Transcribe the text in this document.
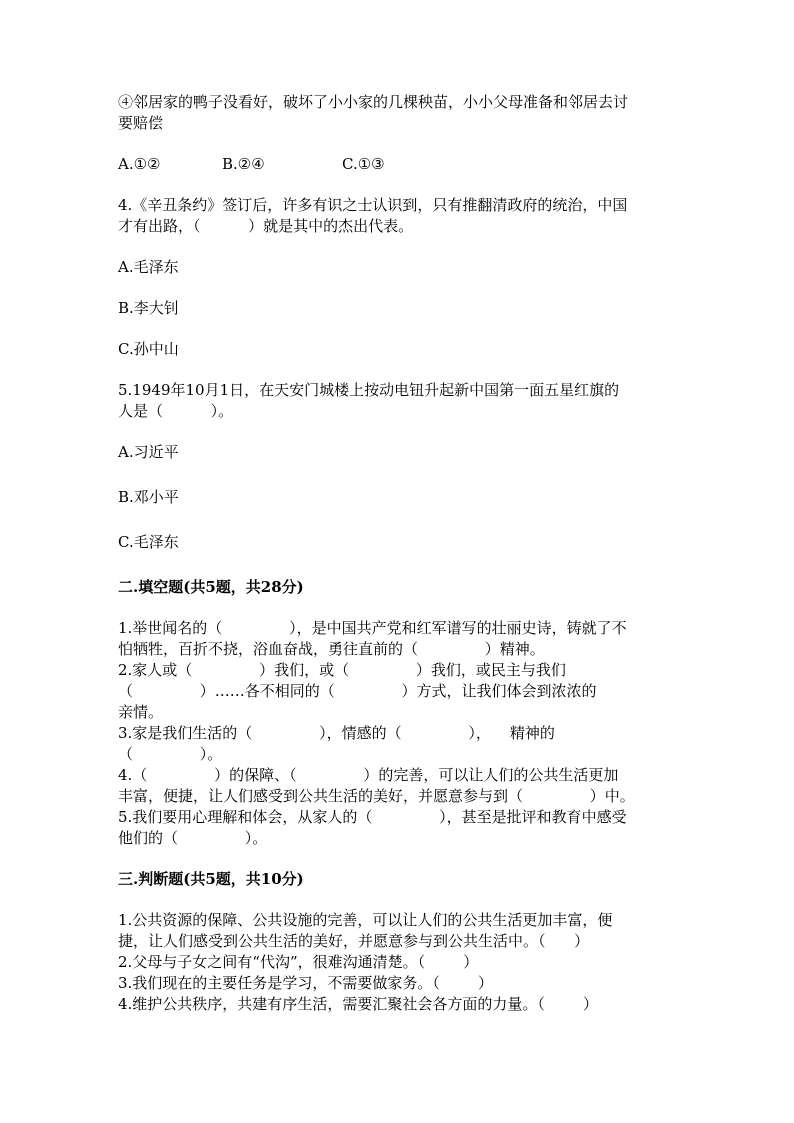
④邻居家的鸭子没看好，破坏了小小家的几棵秧苗，小小父母准备和邻居去讨

要赔偿

A.①②	B.②④	C.①③

4.《辛丑条约》签订后，许多有识之士认识到，只有推翻清政府的统治，中国

才有出路，（          ）就是其中的杰出代表。

A.毛泽东

B.李大钊

C.孙中山

5.1949年10月1日，在天安门城楼上按动电钮升起新中国第一面五星红旗的

人是（          ）。

A.习近平

B.邓小平

C.毛泽东

二.填空题(共5题，共28分)

1.举世闻名的（              ），是中国共产党和红军谱写的壮丽史诗，铸就了不

怕牺牲，百折不挠，浴血奋战，勇往直前的（              ）精神。

2.家人或（              ）我们，或（              ）我们，或民主与我们

（              ）……各不相同的（              ）方式，让我们体会到浓浓的

亲情。

3.家是我们生活的（              ），情感的（              ），    精神的

（              ）。

4.（              ）的保障、（              ）的完善，可以让人们的公共生活更加

丰富，便捷，让人们感受到公共生活的美好，并愿意参与到（              ）中。

5.我们要用心理解和体会，从家人的（              ），甚至是批评和教育中感受

他们的（              ）。

三.判断题(共5题，共10分)

1.公共资源的保障、公共设施的完善，可以让人们的公共生活更加丰富，便

捷，让人们感受到公共生活的美好，并愿意参与到公共生活中。（      ）

2.父母与子女之间有“代沟”，很难沟通清楚。（        ）

3.我们现在的主要任务是学习，不需要做家务。（        ）

4.维护公共秩序，共建有序生活，需要汇聚社会各方面的力量。（        ）
